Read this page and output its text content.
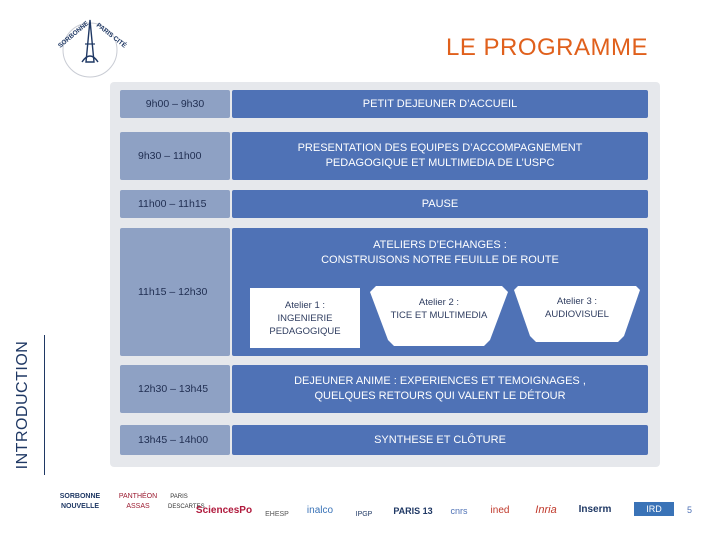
SORBONNE PARIS CITÉ	LE PROGRAMME
INTRODUCTION
9h00 – 9h30	PETIT DEJEUNER D’ACCUEIL
9h30 – 11h00
PRESENTATION DES EQUIPES D’ACCOMPAGNEMENT
PEDAGOGIQUE ET MULTIMEDIA DE L’USPC
11h00 – 11h15	PAUSE
11h15 – 12h30
ATELIERS D’ECHANGES :
CONSTRUISONS NOTRE FEUILLE DE ROUTE
Atelier 1 :
INGENIERIE
PEDAGOGIQUE
Atelier 2 :
TICE ET MULTIMEDIA
Atelier 3 :
AUDIOVISUEL
12h30 – 13h45
DEJEUNER ANIME : EXPERIENCES ET TEMOIGNAGES ,
QUELQUES RETOURS QUI VALENT LE DÉTOUR
13h45 – 14h00	SYNTHESE ET CLÔTURE
SORBONNE NOUVELLE
PANTHÉON ASSAS
PARIS DESCARTES
SciencesPo	EHESP	inalco	IPGP	PARIS 13	cnrs	ined	Inria	Inserm	IRD	5
